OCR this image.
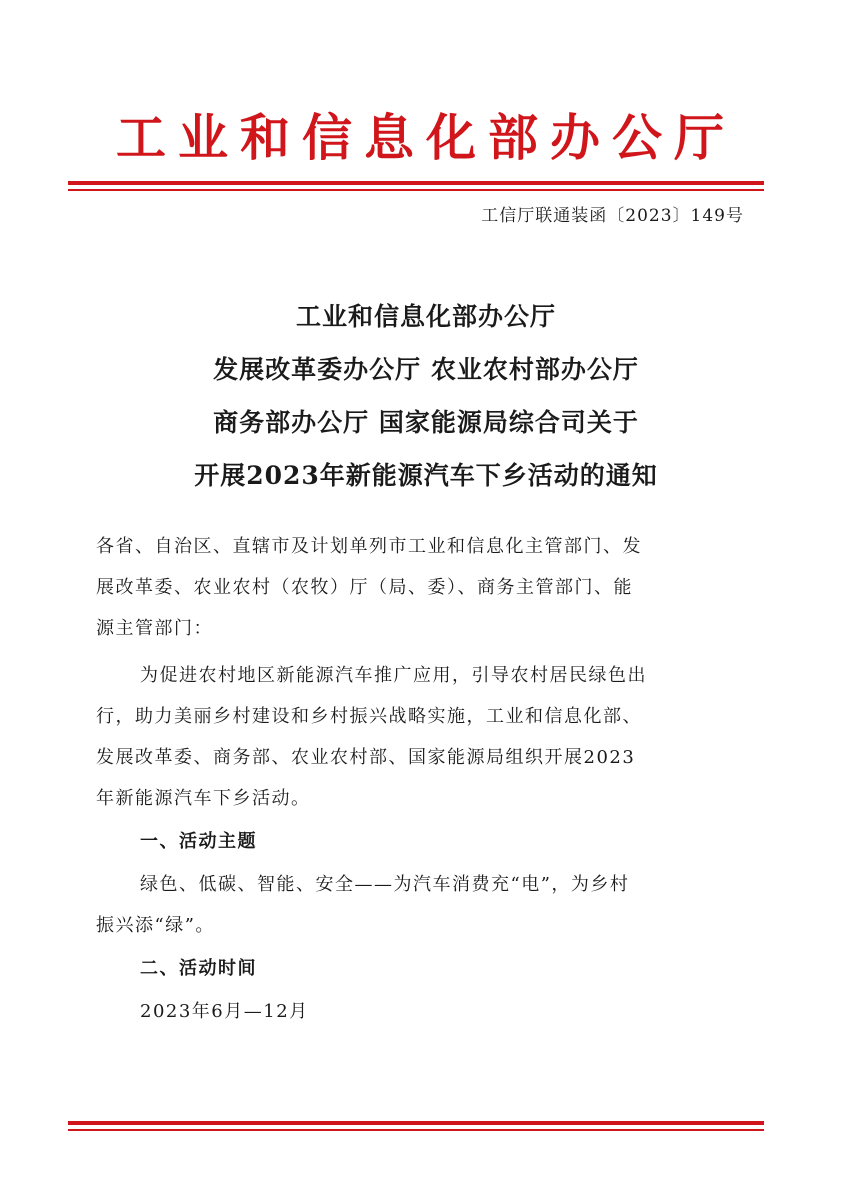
工业和信息化部办公厅
工信厅联通装函〔2023〕149号
工业和信息化部办公厅
发展改革委办公厅 农业农村部办公厅
商务部办公厅 国家能源局综合司关于
开展2023年新能源汽车下乡活动的通知
各省、自治区、直辖市及计划单列市工业和信息化主管部门、发
展改革委、农业农村（农牧）厅（局、委）、商务主管部门、能
源主管部门：
为促进农村地区新能源汽车推广应用，引导农村居民绿色出
行，助力美丽乡村建设和乡村振兴战略实施，工业和信息化部、
发展改革委、商务部、农业农村部、国家能源局组织开展2023
年新能源汽车下乡活动。
一、活动主题
绿色、低碳、智能、安全——为汽车消费充“电”，为乡村
振兴添“绿”。
二、活动时间
2023年6月—12月
